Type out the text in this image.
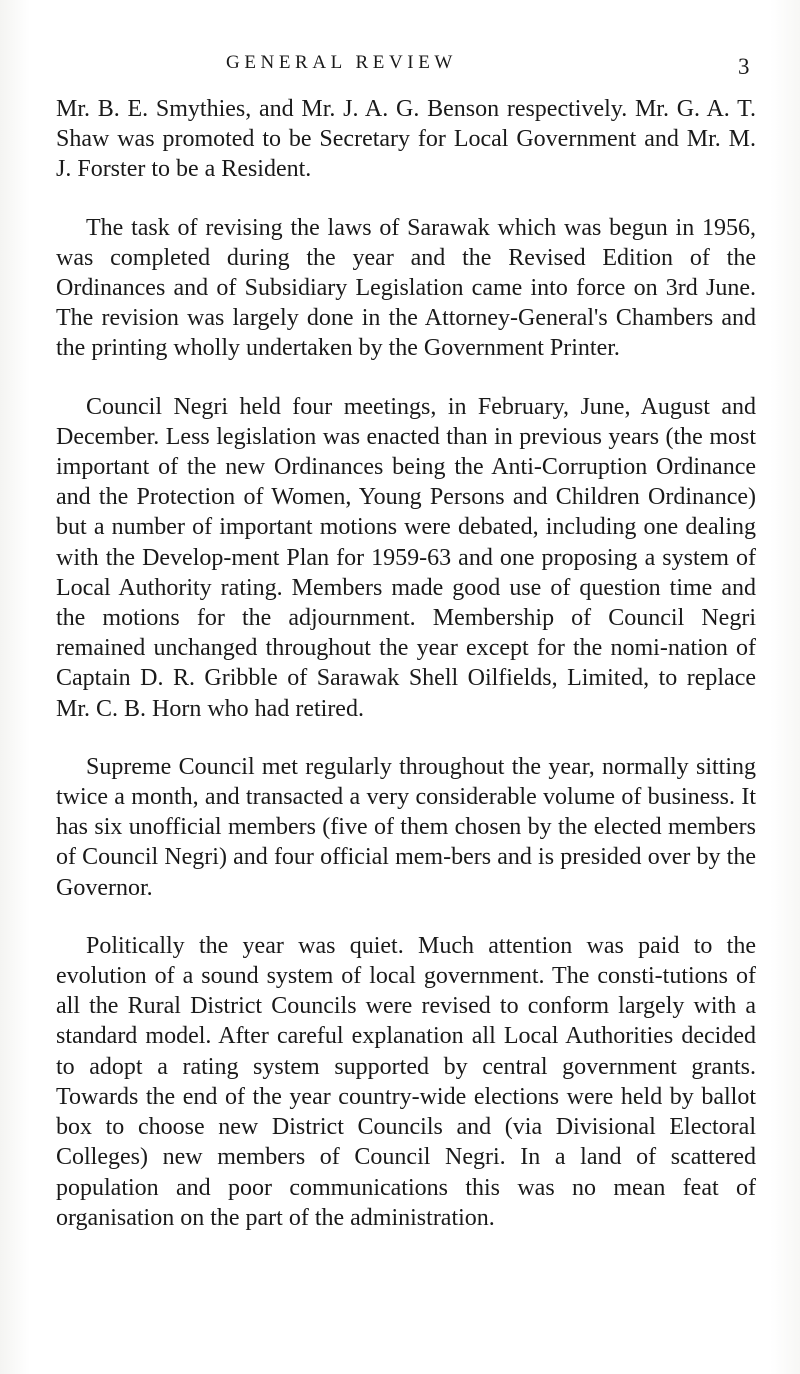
GENERAL REVIEW	3

Mr. B. E. Smythies, and Mr. J. A. G. Benson respectively. Mr. G. A. T. Shaw was promoted to be Secretary for Local Government and Mr. M. J. Forster to be a Resident.

The task of revising the laws of Sarawak which was begun in 1956, was completed during the year and the Revised Edition of the Ordinances and of Subsidiary Legislation came into force on 3rd June. The revision was largely done in the Attorney-General's Chambers and the printing wholly undertaken by the Government Printer.

Council Negri held four meetings, in February, June, August and December. Less legislation was enacted than in previous years (the most important of the new Ordinances being the Anti-Corruption Ordinance and the Protection of Women, Young Persons and Children Ordinance) but a number of important motions were debated, including one dealing with the Develop-ment Plan for 1959-63 and one proposing a system of Local Authority rating. Members made good use of question time and the motions for the adjournment. Membership of Council Negri remained unchanged throughout the year except for the nomi-nation of Captain D. R. Gribble of Sarawak Shell Oilfields, Limited, to replace Mr. C. B. Horn who had retired.

Supreme Council met regularly throughout the year, normally sitting twice a month, and transacted a very considerable volume of business. It has six unofficial members (five of them chosen by the elected members of Council Negri) and four official mem-bers and is presided over by the Governor.

Politically the year was quiet. Much attention was paid to the evolution of a sound system of local government. The consti-tutions of all the Rural District Councils were revised to conform largely with a standard model. After careful explanation all Local Authorities decided to adopt a rating system supported by central government grants. Towards the end of the year country-wide elections were held by ballot box to choose new District Councils and (via Divisional Electoral Colleges) new members of Council Negri. In a land of scattered population and poor communications this was no mean feat of organisation on the part of the administration.
